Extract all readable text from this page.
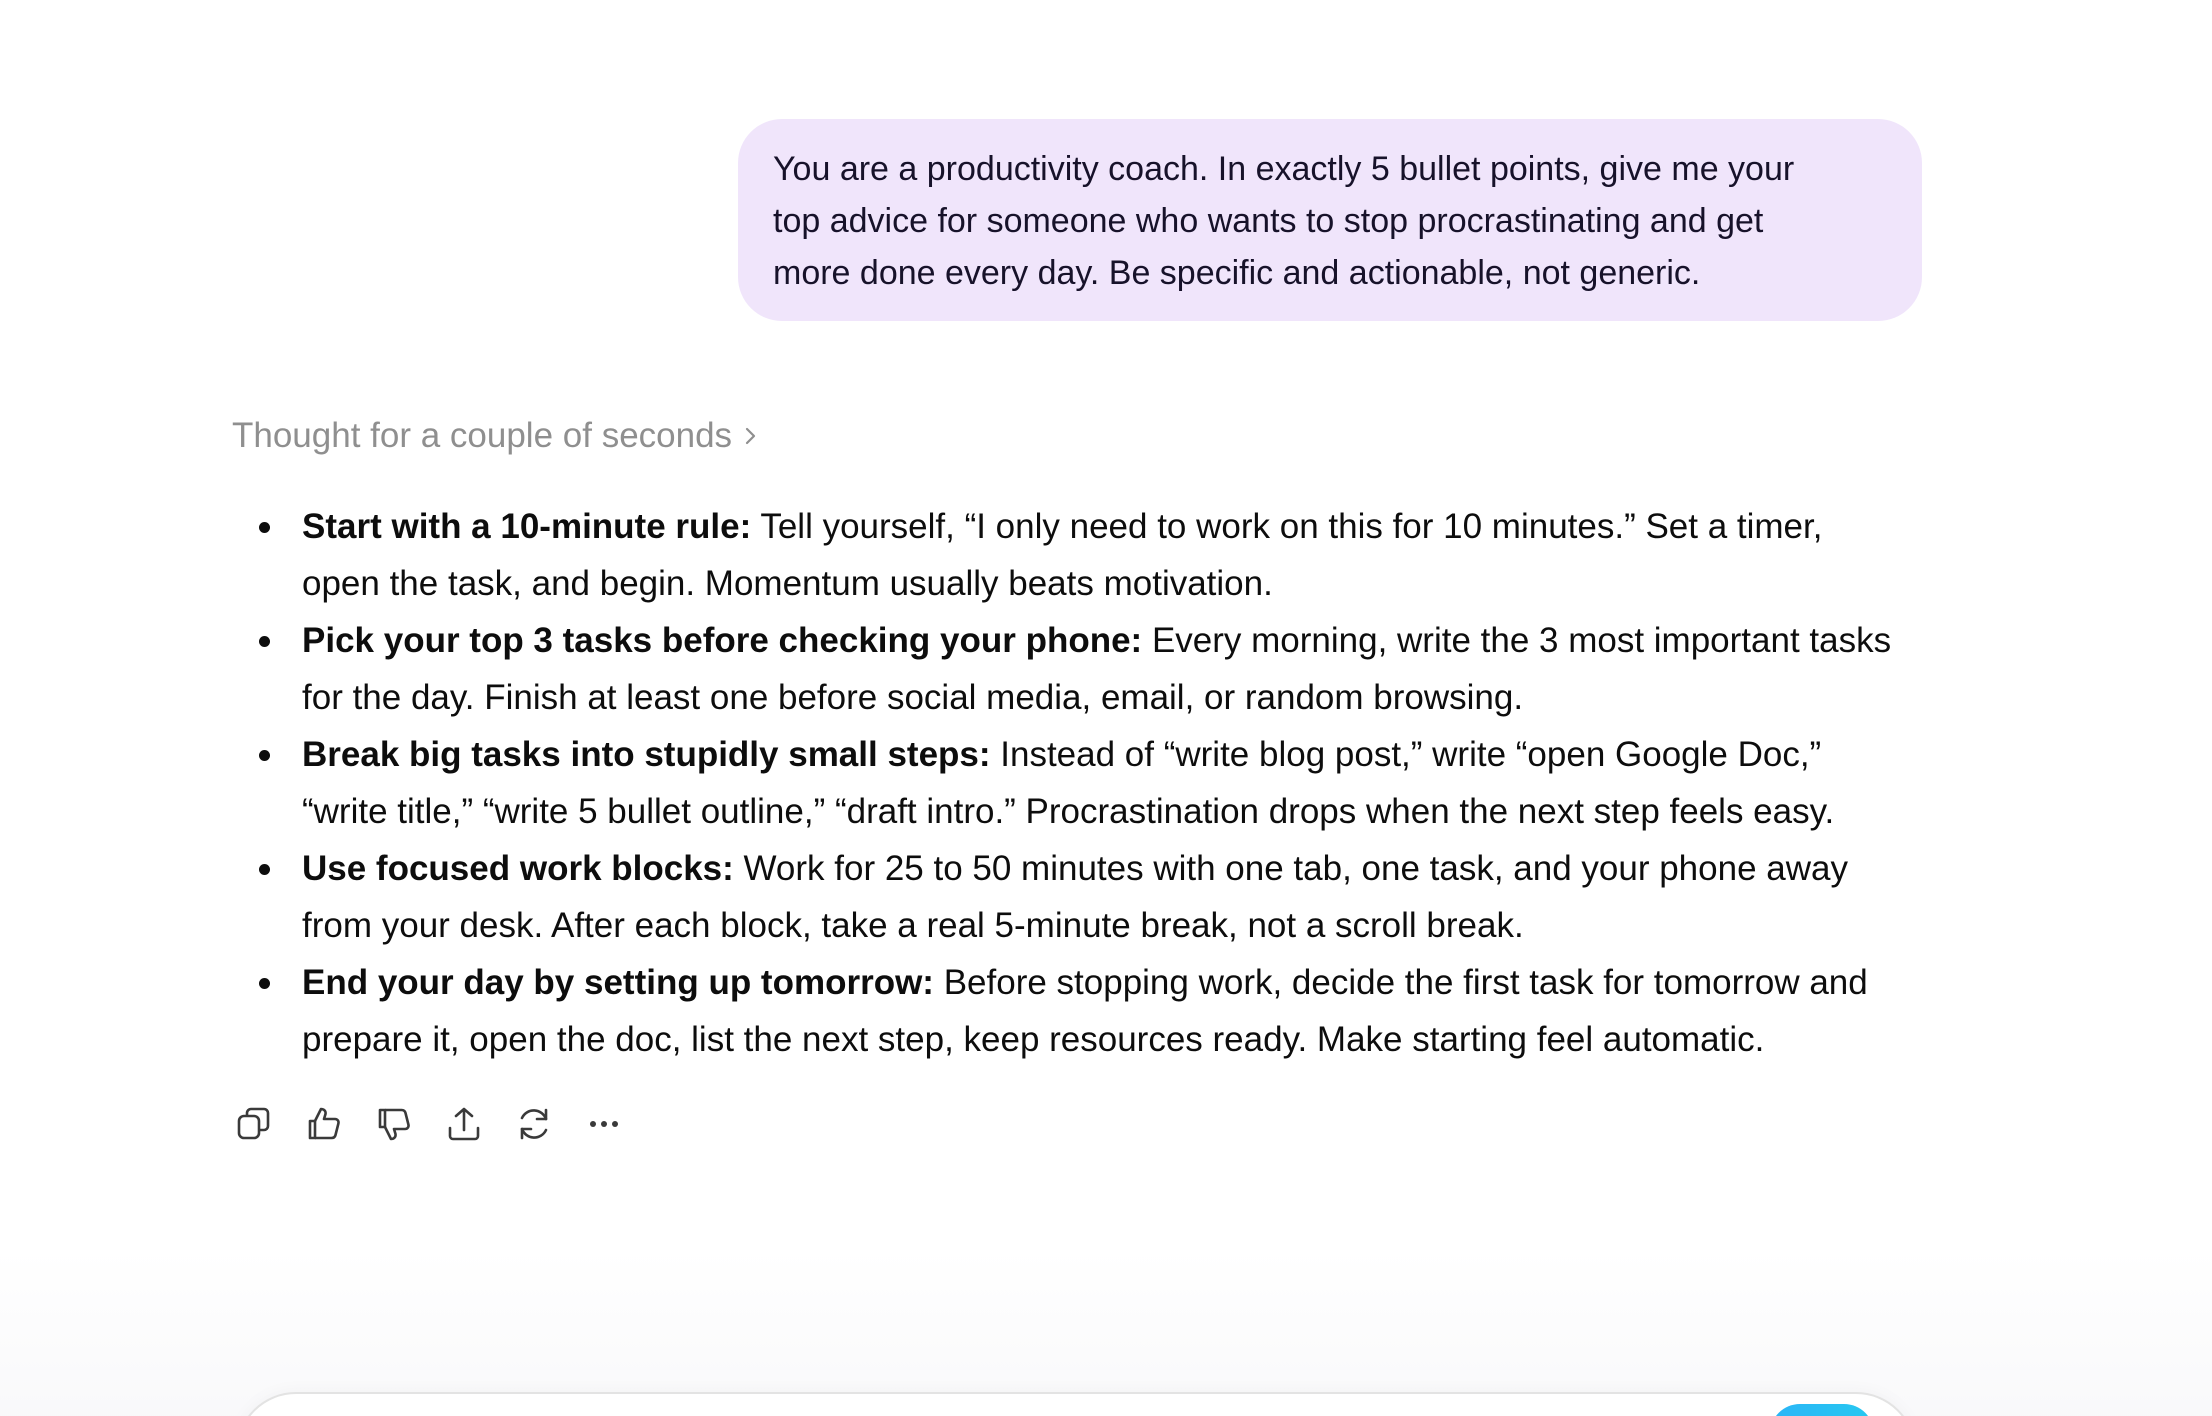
You are a productivity coach. In exactly 5 bullet points, give me your
top advice for someone who wants to stop procrastinating and get
more done every day. Be specific and actionable, not generic.
Thought for a couple of seconds
Start with a 10-minute rule: Tell yourself, “I only need to work on this for 10 minutes.” Set a timer,
open the task, and begin. Momentum usually beats motivation.
Pick your top 3 tasks before checking your phone: Every morning, write the 3 most important tasks
for the day. Finish at least one before social media, email, or random browsing.
Break big tasks into stupidly small steps: Instead of “write blog post,” write “open Google Doc,”
“write title,” “write 5 bullet outline,” “draft intro.” Procrastination drops when the next step feels easy.
Use focused work blocks: Work for 25 to 50 minutes with one tab, one task, and your phone away
from your desk. After each block, take a real 5-minute break, not a scroll break.
End your day by setting up tomorrow: Before stopping work, decide the first task for tomorrow and
prepare it, open the doc, list the next step, keep resources ready. Make starting feel automatic.
